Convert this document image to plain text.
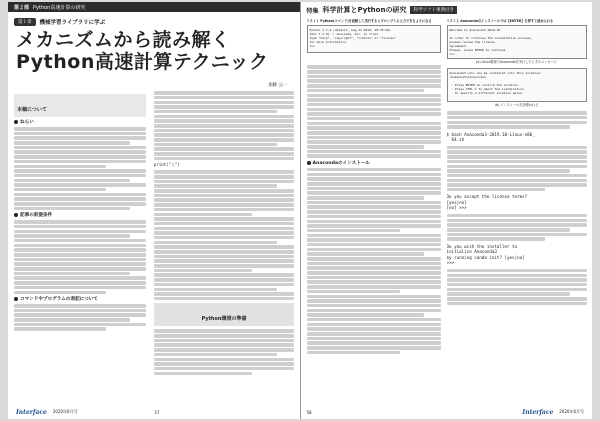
第２部 Python高速計算の研究
第１章	機械学習ライブラリに学ぶ
メカニズムから読み解く
Python高速計算テクニック
加藤 公一
本稿について
ねらい
記事の前提条件
コマンドやプログラムの表記について
print("八")
Python環境の準備
Interface 2020年6月号	57
特集 科学計算とPythonの研究	科学ソフト事典付き
リスト１ Python(コマンド)を起動して実行するとプロンプトに入力できるようになる
Python 3.7.4 (default, Aug 13 2019, 20:35:49)
[GCC 7.3.0] :: Anaconda, Inc. on linux
Type "help", "copyright", "credits" or "license"
for more information.
>>>
Anacondaのインストール
リスト２ Anacondaのインストールでは【ENTER】を押すと進められる
Welcome to Anaconda3 2019.10

In order to continue the installation process,
please review the license
agreement.
Please, press ENTER to continue
>>>
(a) Linux環境でAnacondaを実行したときのメッセージ
Anaconda3 will now be installed into this location:
/home/kato/anaconda3

- Press ENTER to confirm the location
- Press CTRL-C to abort the installation
- Or specify a different location below
(b) インストール先を聞かれる
$ bash Anaconda3-2019.10-Linux-x86_
64.sh
Do you accept the license terms?
[yes|no]
[no] >>>
Do you wish the installer to
initialize Anaconda3
by running conda init? [yes|no]
>>>
58	Interface 2020年6月号
